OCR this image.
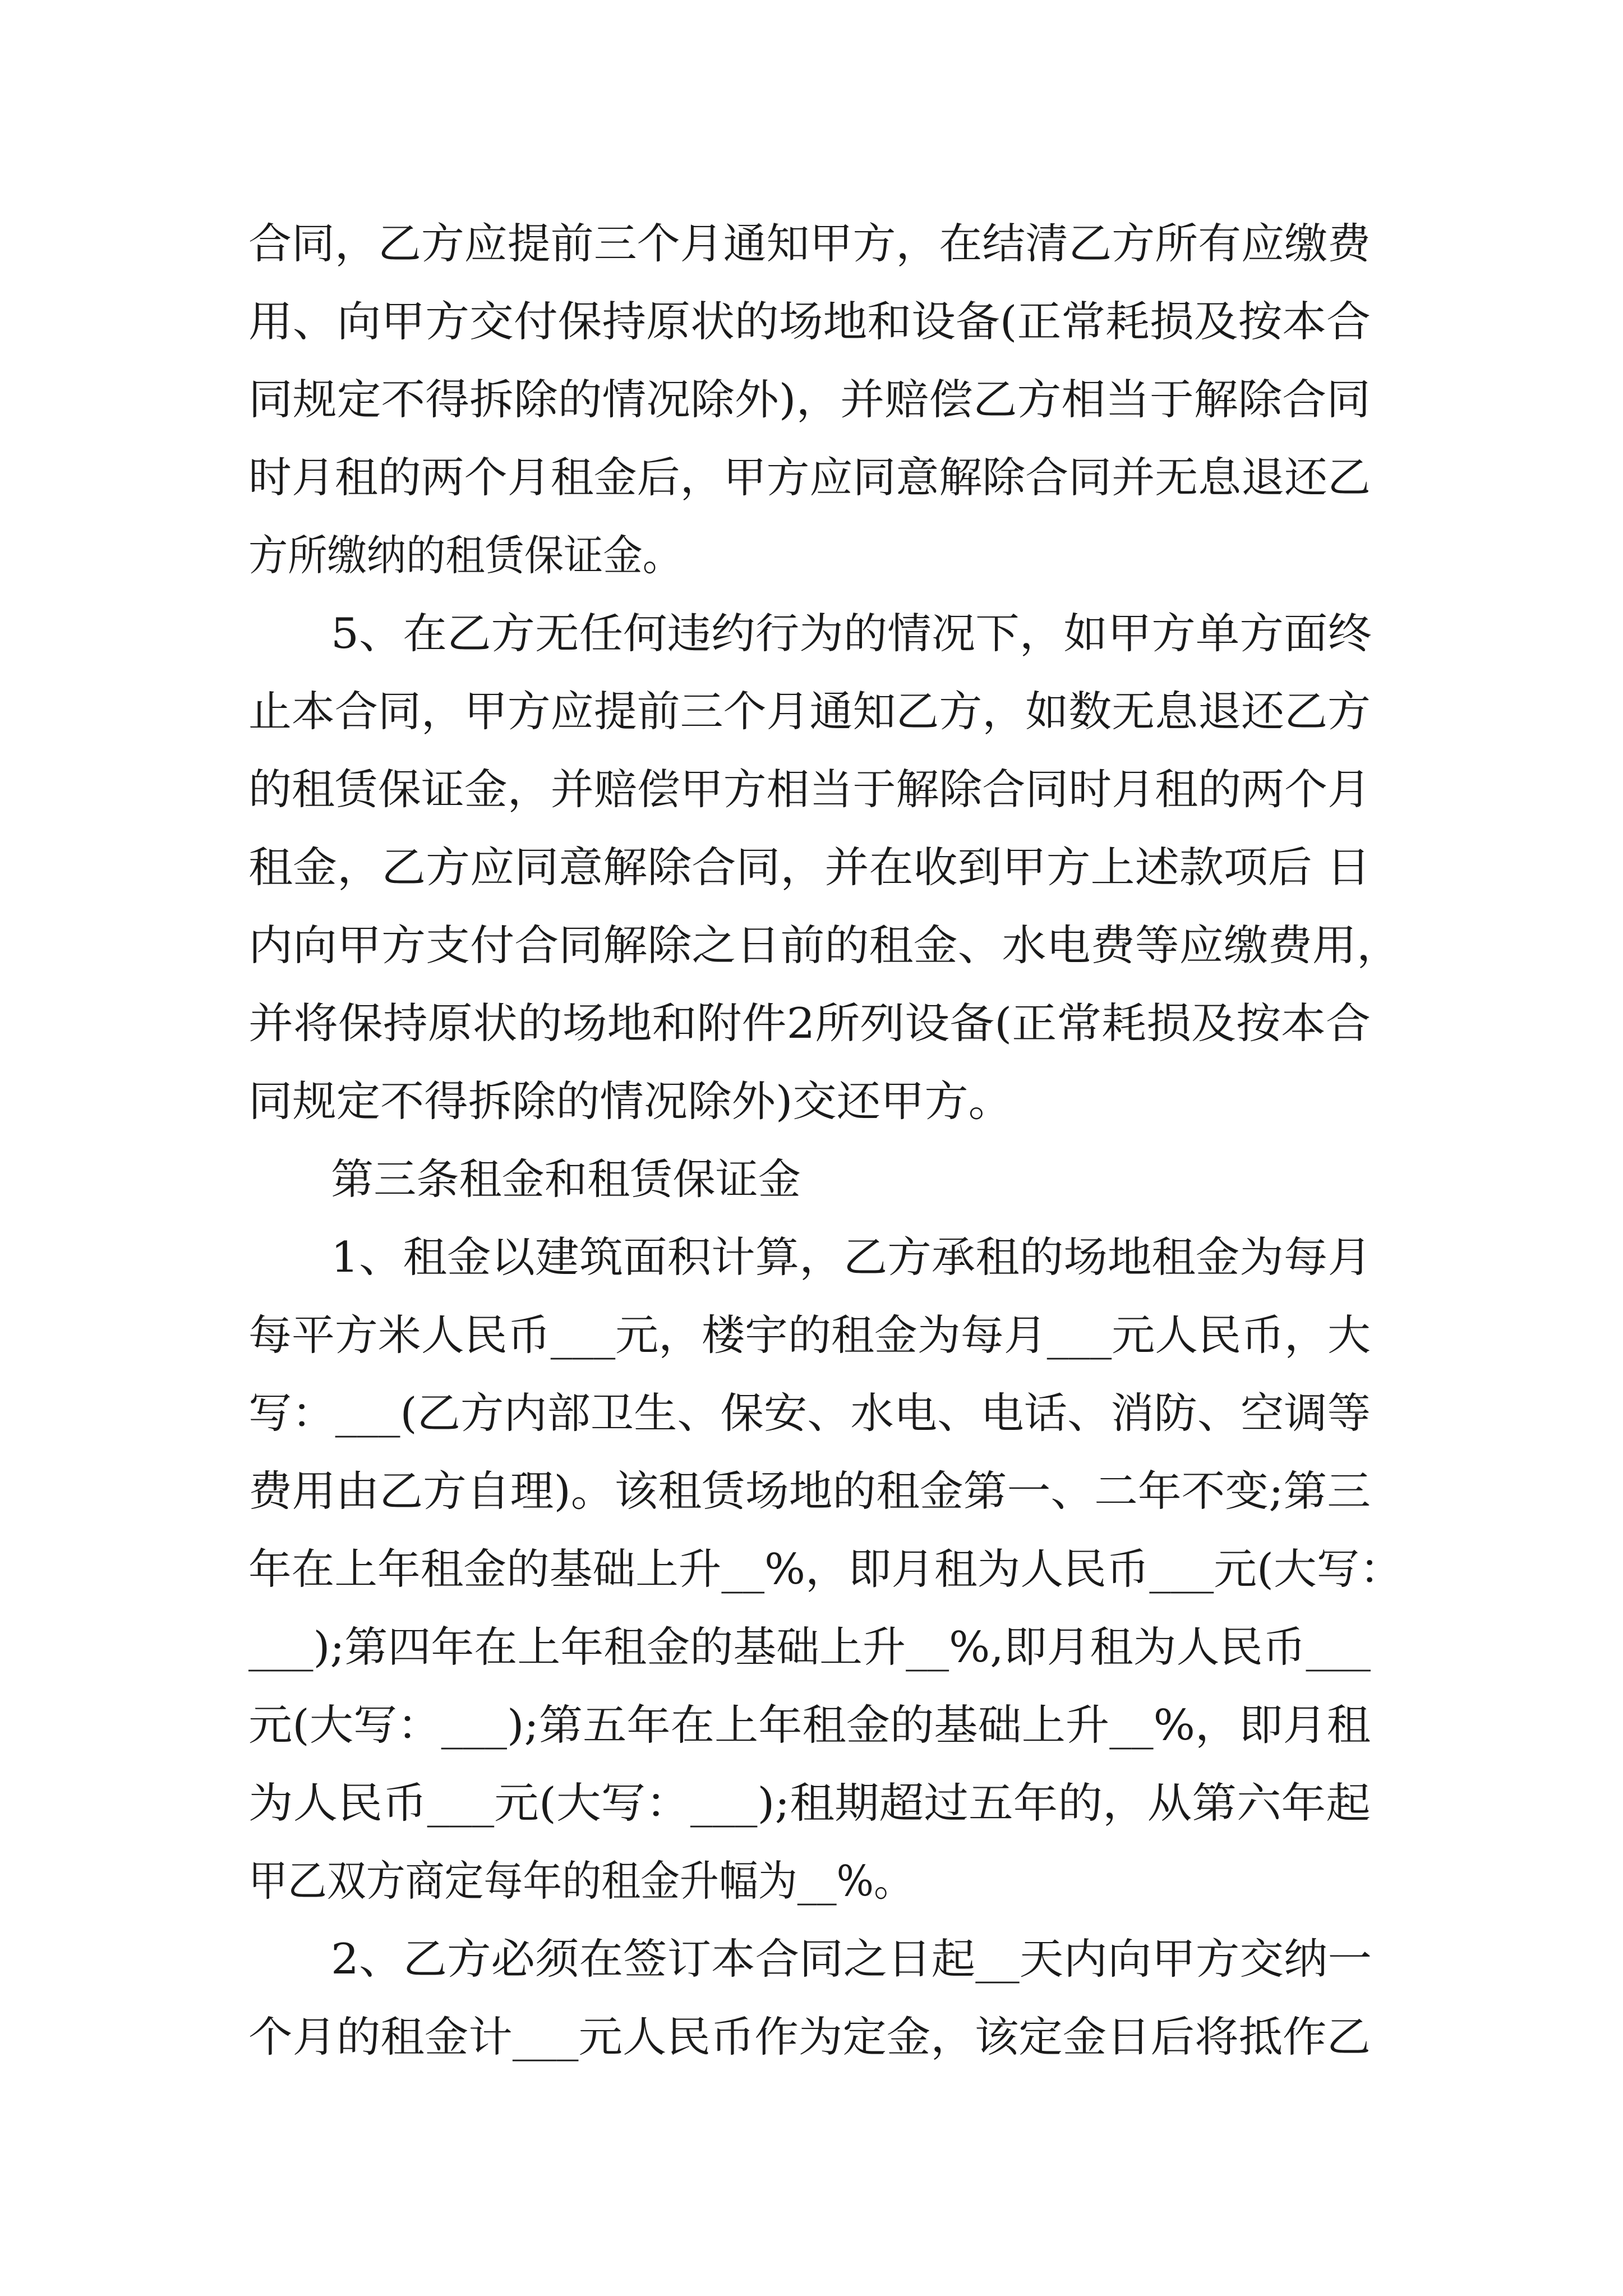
合同，乙方应提前三个月通知甲方，在结清乙方所有应缴费
用、向甲方交付保持原状的场地和设备(正常耗损及按本合
同规定不得拆除的情况除外)，并赔偿乙方相当于解除合同
时月租的两个月租金后，甲方应同意解除合同并无息退还乙
方所缴纳的租赁保证金。
5、在乙方无任何违约行为的情况下，如甲方单方面终
止本合同，甲方应提前三个月通知乙方，如数无息退还乙方
的租赁保证金，并赔偿甲方相当于解除合同时月租的两个月
租金，乙方应同意解除合同，并在收到甲方上述款项后 日
内向甲方支付合同解除之日前的租金、水电费等应缴费用，
并将保持原状的场地和附件2所列设备(正常耗损及按本合
同规定不得拆除的情况除外)交还甲方。
第三条租金和租赁保证金
1、租金以建筑面积计算，乙方承租的场地租金为每月
每平方米人民币___元，楼宇的租金为每月___元人民币，大
写：___(乙方内部卫生、保安、水电、电话、消防、空调等
费用由乙方自理)。该租赁场地的租金第一、二年不变;第三
年在上年租金的基础上升__%，即月租为人民币___元(大写：
___);第四年在上年租金的基础上升__%,即月租为人民币___
元(大写：___);第五年在上年租金的基础上升__%，即月租
为人民币___元(大写：___);租期超过五年的，从第六年起
甲乙双方商定每年的租金升幅为__%。
2、乙方必须在签订本合同之日起__天内向甲方交纳一
个月的租金计___元人民币作为定金，该定金日后将抵作乙
